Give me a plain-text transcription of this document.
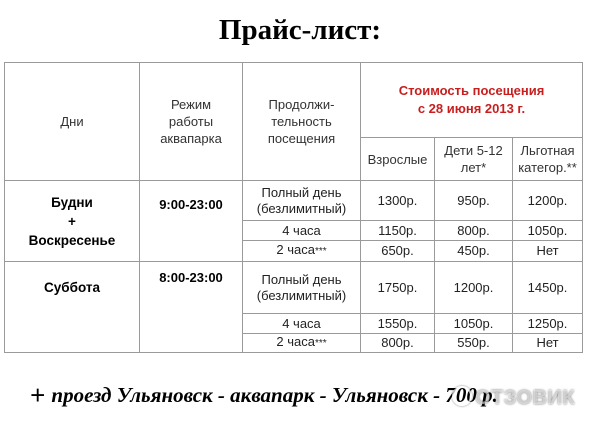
Прайс-лист:
Дни	Режим работы аквапарка	Продолжи-тельность посещения	Стоимость посещения
с 28 июня 2013 г.		
			Взрослые	Дети 5-12 лет*	Льготная категор.**
Будни
+
Воскресенье	9:00-23:00	Полный день (безлимитный)	1300р.	950р.	1200р.
		4 часа	1150р.	800р.	1050р.
		2 часа***	650р.	450р.	Нет
Суббота	8:00-23:00	Полный день (безлимитный)	1750р.	1200р.	1450р.
		4 часа	1550р.	1050р.	1250р.
		2 часа***	800р.	550р.	Нет
+ проезд Ульяновск - аквапарк - Ульяновск - 700 р.
ОТЗОВИК
